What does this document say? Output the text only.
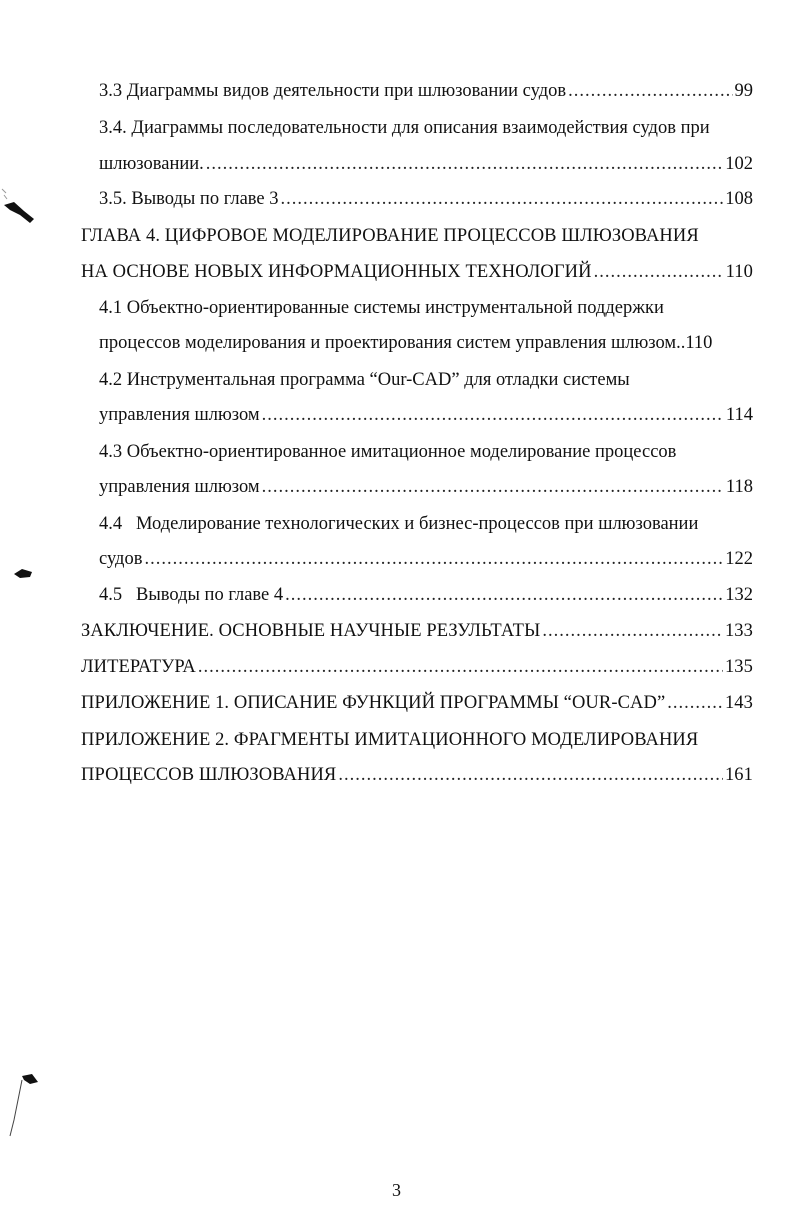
3.3 Диаграммы видов деятельности при шлюзовании судов .....	99
3.4. Диаграммы последовательности для описания взаимодействия судов при
шлюзовании. .....	102
3.5. Выводы по главе 3 .....	108
ГЛАВА 4. ЦИФРОВОЕ МОДЕЛИРОВАНИЕ ПРОЦЕССОВ ШЛЮЗОВАНИЯ
НА ОСНОВЕ НОВЫХ ИНФОРМАЦИОННЫХ ТЕХНОЛОГИЙ .....	110
4.1 Объектно-ориентированные системы инструментальной поддержки
процессов моделирования и проектирования систем управления шлюзом.. 110
4.2 Инструментальная программа “Our-CAD” для отладки системы
управления шлюзом .....	114
4.3 Объектно-ориентированное имитационное моделирование процессов
управления шлюзом .....	118
4.4   Моделирование технологических и бизнес-процессов при шлюзовании
судов .....	122
4.5   Выводы по главе 4 .....	132
ЗАКЛЮЧЕНИЕ. ОСНОВНЫЕ НАУЧНЫЕ РЕЗУЛЬТАТЫ .....	133
ЛИТЕРАТУРА .....	135
ПРИЛОЖЕНИЕ 1. ОПИСАНИЕ ФУНКЦИЙ ПРОГРАММЫ “OUR-CAD” .....	143
ПРИЛОЖЕНИЕ 2. ФРАГМЕНТЫ ИМИТАЦИОННОГО МОДЕЛИРОВАНИЯ
ПРОЦЕССОВ ШЛЮЗОВАНИЯ .....	161
3
